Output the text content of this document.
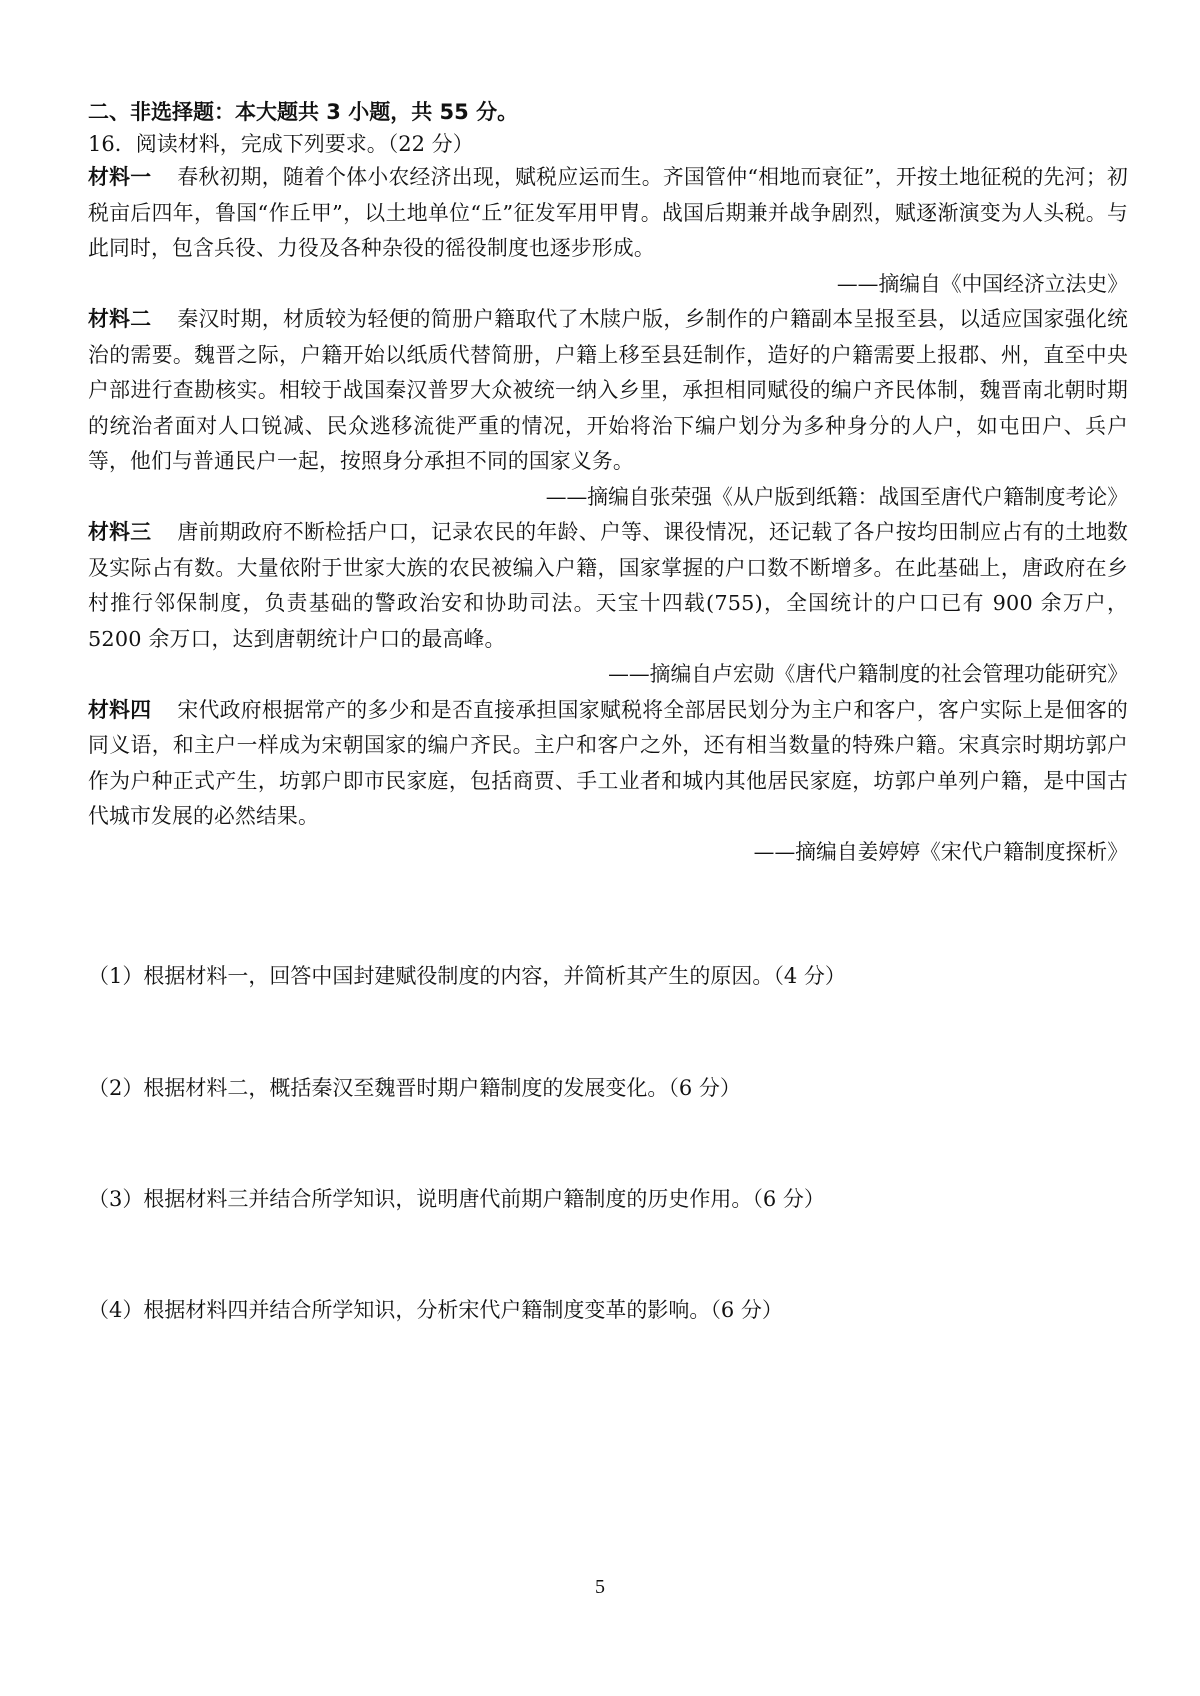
二、非选择题：本大题共 3 小题，共 55 分。

16．阅读材料，完成下列要求。（22 分）

材料一 春秋初期，随着个体小农经济出现，赋税应运而生。齐国管仲“相地而衰征”，开按土地征税的先河；初税亩后四年，鲁国“作丘甲”，以土地单位“丘”征发军用甲胄。战国后期兼并战争剧烈，赋逐渐演变为人头税。与此同时，包含兵役、力役及各种杂役的徭役制度也逐步形成。

——摘编自《中国经济立法史》

材料二 秦汉时期，材质较为轻便的简册户籍取代了木牍户版，乡制作的户籍副本呈报至县，以适应国家强化统治的需要。魏晋之际，户籍开始以纸质代替简册，户籍上移至县廷制作，造好的户籍需要上报郡、州，直至中央户部进行查勘核实。相较于战国秦汉普罗大众被统一纳入乡里，承担相同赋役的编户齐民体制，魏晋南北朝时期的统治者面对人口锐减、民众逃移流徙严重的情况，开始将治下编户划分为多种身分的人户，如屯田户、兵户等，他们与普通民户一起，按照身分承担不同的国家义务。

——摘编自张荣强《从户版到纸籍：战国至唐代户籍制度考论》

材料三 唐前期政府不断检括户口，记录农民的年龄、户等、课役情况，还记载了各户按均田制应占有的土地数及实际占有数。大量依附于世家大族的农民被编入户籍，国家掌握的户口数不断增多。在此基础上，唐政府在乡村推行邻保制度，负责基础的警政治安和协助司法。天宝十四载(755)，全国统计的户口已有 900 余万户，5200 余万口，达到唐朝统计户口的最高峰。

——摘编自卢宏勋《唐代户籍制度的社会管理功能研究》

材料四 宋代政府根据常产的多少和是否直接承担国家赋税将全部居民划分为主户和客户，客户实际上是佃客的同义语，和主户一样成为宋朝国家的编户齐民。主户和客户之外，还有相当数量的特殊户籍。宋真宗时期坊郭户作为户种正式产生，坊郭户即市民家庭，包括商贾、手工业者和城内其他居民家庭，坊郭户单列户籍，是中国古代城市发展的必然结果。

——摘编自姜婷婷《宋代户籍制度探析》

（1）根据材料一，回答中国封建赋役制度的内容，并简析其产生的原因。（4 分）

（2）根据材料二，概括秦汉至魏晋时期户籍制度的发展变化。（6 分）

（3）根据材料三并结合所学知识，说明唐代前期户籍制度的历史作用。（6 分）

（4）根据材料四并结合所学知识，分析宋代户籍制度变革的影响。（6 分）

5
